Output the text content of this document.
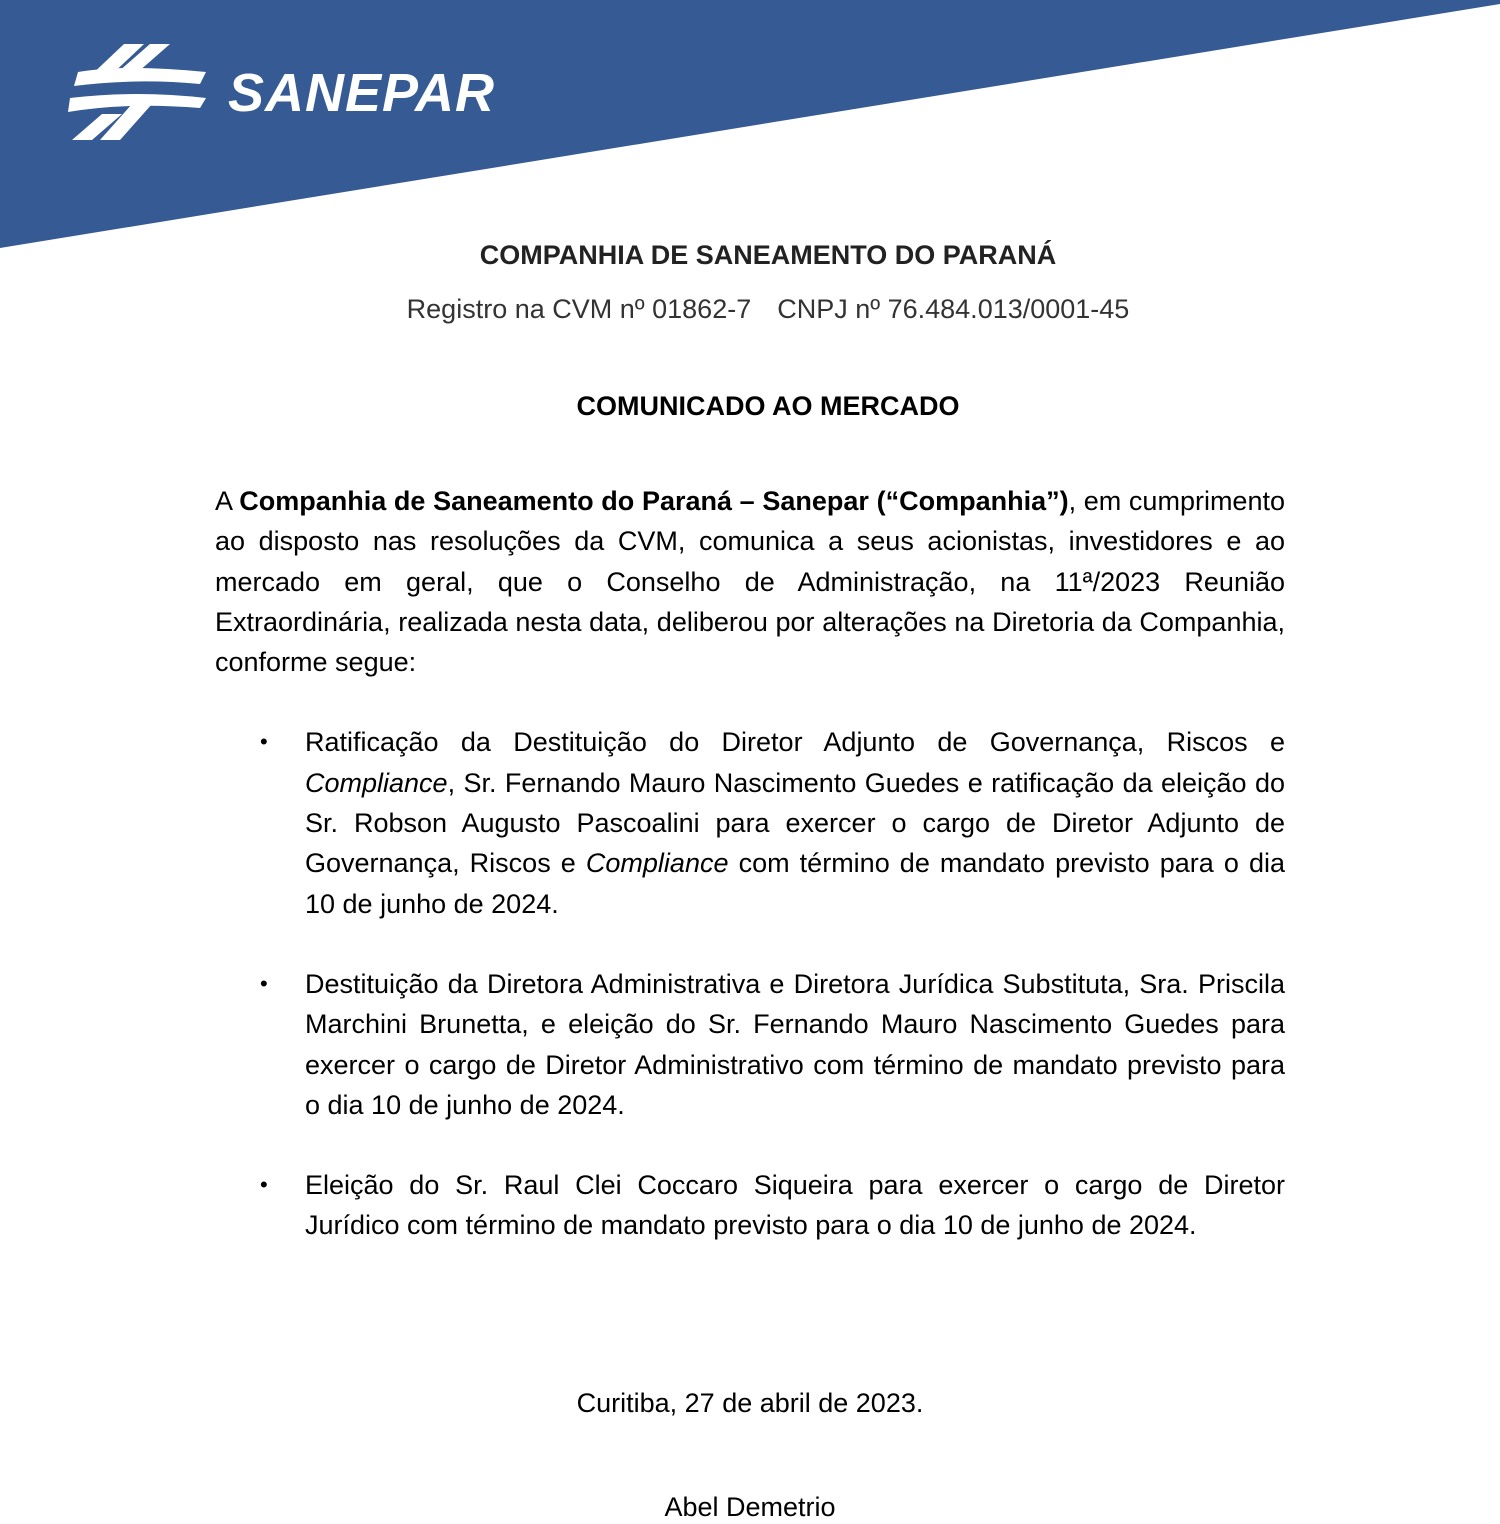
SANEPAR
COMPANHIA DE SANEAMENTO DO PARANÁ
Registro na CVM nº 01862-7 CNPJ nº 76.484.013/0001-45
COMUNICADO AO MERCADO
A Companhia de Saneamento do Paraná – Sanepar (“Companhia”), em cumprimento ao disposto nas resoluções da CVM, comunica a seus acionistas, investidores e ao mercado em geral, que o Conselho de Administração, na 11ª/2023 Reunião Extraordinária, realizada nesta data, deliberou por alterações na Diretoria da Companhia, conforme segue:
• Ratificação da Destituição do Diretor Adjunto de Governança, Riscos e Compliance, Sr. Fernando Mauro Nascimento Guedes e ratificação da eleição do Sr. Robson Augusto Pascoalini para exercer o cargo de Diretor Adjunto de Governança, Riscos e Compliance com término de mandato previsto para o dia 10 de junho de 2024.
• Destituição da Diretora Administrativa e Diretora Jurídica Substituta, Sra. Priscila Marchini Brunetta, e eleição do Sr. Fernando Mauro Nascimento Guedes para exercer o cargo de Diretor Administrativo com término de mandato previsto para o dia 10 de junho de 2024.
• Eleição do Sr. Raul Clei Coccaro Siqueira para exercer o cargo de Diretor Jurídico com término de mandato previsto para o dia 10 de junho de 2024.
Curitiba, 27 de abril de 2023.
Abel Demetrio
